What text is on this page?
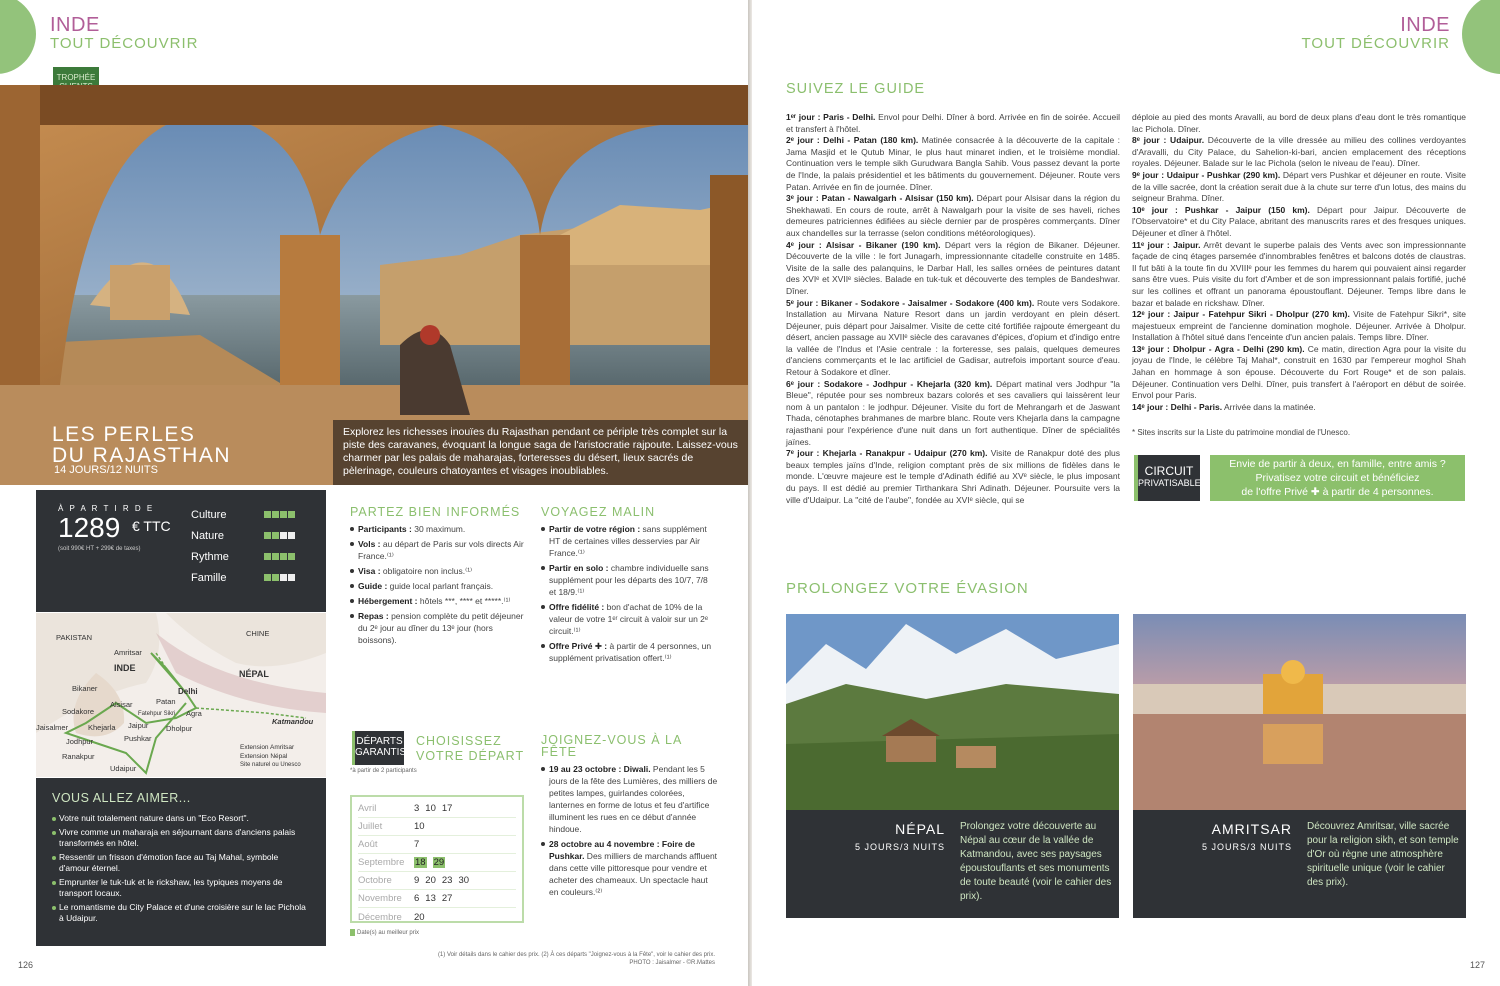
INDE
TOUT DÉCOUVRIR
TROPHÉE
LES PERLES
DU RAJASTHAN
14 JOURS/12 NUITS
Explorez les richesses inouïes du Rajasthan pendant ce périple très complet sur la piste des caravanes, évoquant la longue saga de l'aristocratie rajpoute. Laissez-vous charmer par les palais de maharajas, forteresses du désert, lieux sacrés de pèlerinage, couleurs chatoyantes et visages inoubliables.
À P A R T I R D E
1289 € TTC
(soit 990€ HT + 299€ de taxes)
Culture
Nature
Rythme
Famille
PAKISTAN	CHINE
INDE
NÉPAL
Amritsar
Delhi
Bikaner
Alsisar	Patan
Sodakore
Jaisalmer
Fatehpur Sikri Agra
Khejarla Jaipur Dholpur
Jodhpur	Pushkar
Ranakpur
Udaipur
Katmandou
Extension Amritsar
Extension Népal
Site naturel ou Unesco
VOUS ALLEZ AIMER...
Votre nuit totalement nature dans un "Eco Resort".
Vivre comme un maharaja en séjournant dans d'anciens palais transformés en hôtel.
Ressentir un frisson d'émotion face au Taj Mahal, symbole d'amour éternel.
Emprunter le tuk-tuk et le rickshaw, les typiques moyens de transport locaux.
Le romantisme du City Palace et d'une croisière sur le lac Pichola à Udaipur.
PARTEZ BIEN INFORMÉS
Participants : 30 maximum.
Vols : au départ de Paris sur vols directs Air France.⁽¹⁾
Visa : obligatoire non inclus.⁽¹⁾
Guide : guide local parlant français.
Hébergement : hôtels ***, **** et *****.⁽¹⁾
Repas : pension complète du petit déjeuner du 2ᵉ jour au dîner du 13ᵉ jour (hors boissons).
VOYAGEZ MALIN
Partir de votre région : sans supplément HT de certaines villes desservies par Air France.⁽¹⁾
Partir en solo : chambre individuelle sans supplément pour les départs des 10/7, 7/8 et 18/9.⁽¹⁾
Offre fidélité : bon d'achat de 10% de la valeur de votre 1ᵉʳ circuit à valoir sur un 2ᵉ circuit.⁽¹⁾
Offre Privé ✚ : à partir de 4 personnes, un supplément privatisation offert.⁽¹⁾
DÉPARTS
GARANTIS
CHOISISSEZ
VOTRE DÉPART
*à partir de 2 participants
Avril	3 10 17
Juillet	10
Août	7
Septembre	18 29
Octobre	9 20 23 30
Novembre	6 13 27
Décembre	20
Date(s) au meilleur prix
JOIGNEZ-VOUS À LA FÊTE
19 au 23 octobre : Diwali. Pendant les 5 jours de la fête des Lumières, des milliers de petites lampes, guirlandes colorées, lanternes en forme de lotus et feu d'artifice illuminent les rues en ce début d'année hindoue.
28 octobre au 4 novembre : Foire de Pushkar. Des milliers de marchands affluent dans cette ville pittoresque pour vendre et acheter des chameaux. Un spectacle haut en couleurs.⁽²⁾
(1) Voir détails dans le cahier des prix. (2) À ces départs "Joignez-vous à la Fête", voir le cahier des prix.
PHOTO : Jaisalmer - ©R.Mattes
126
INDE
TOUT DÉCOUVRIR
SUIVEZ LE GUIDE

1ᵉʳ jour : Paris - Delhi. Envol pour Delhi. Dîner à bord. Arrivée en fin de soirée. Accueil et transfert à l'hôtel.

2ᵉ jour : Delhi - Patan (180 km). Matinée consacrée à la découverte de la capitale : Jama Masjid et le Qutub Minar, le plus haut minaret indien, et le troisième mondial. Continuation vers le temple sikh Gurudwara Bangla Sahib. Vous passez devant la porte de l'Inde, la palais présidentiel et les bâtiments du gouvernement. Déjeuner. Route vers Patan. Arrivée en fin de journée. Dîner.

3ᵉ jour : Patan - Nawalgarh - Alsisar (150 km). Départ pour Alsisar dans la région du Shekhawati. En cours de route, arrêt à Nawalgarh pour la visite de ses haveli, riches demeures patriciennes édifiées au siècle dernier par de prospères commerçants. Dîner aux chandelles sur la terrasse (selon conditions météorologiques).

4ᵉ jour : Alsisar - Bikaner (190 km). Départ vers la région de Bikaner. Déjeuner. Découverte de la ville : le fort Junagarh, impressionnante citadelle construite en 1485. Visite de la salle des palanquins, le Darbar Hall, les salles ornées de peintures datant des XVIᵉ et XVIIᵉ siècles. Balade en tuk-tuk et découverte des temples de Bandeshwar. Dîner.

5ᵉ jour : Bikaner - Sodakore - Jaisalmer - Sodakore (400 km). Route vers Sodakore. Installation au Mirvana Nature Resort dans un jardin verdoyant en plein désert. Déjeuner, puis départ pour Jaisalmer. Visite de cette cité fortifiée rajpoute émergeant du désert, ancien passage au XVIIᵉ siècle des caravanes d'épices, d'opium et d'indigo entre la vallée de l'Indus et l'Asie centrale : la forteresse, ses palais, quelques demeures d'anciens commerçants et le lac artificiel de Gadisar, autrefois important source d'eau. Retour à Sodakore et dîner.

6ᵉ jour : Sodakore - Jodhpur - Khejarla (320 km). Départ matinal vers Jodhpur "la Bleue", réputée pour ses nombreux bazars colorés et ses cavaliers qui laissèrent leur nom à un pantalon : le jodhpur. Déjeuner. Visite du fort de Mehrangarh et de Jaswant Thada, cénotaphes brahmanes de marbre blanc. Route vers Khejarla dans la campagne rajasthani pour l'expérience d'une nuit dans un fort authentique. Dîner de spécialités jaïnes.

7ᵉ jour : Khejarla - Ranakpur - Udaipur (270 km). Visite de Ranakpur doté des plus beaux temples jaïns d'Inde, religion comptant près de six millions de fidèles dans le monde. L'œuvre majeure est le temple d'Adinath édifié au XVᵉ siècle, le plus imposant du pays. Il est dédié au premier Tirthankara Shri Adinath. Déjeuner. Poursuite vers la ville d'Udaipur. La "cité de l'aube", fondée au XVIᵉ siècle, qui se

déploie au pied des monts Aravalli, au bord de deux plans d'eau dont le très romantique lac Pichola. Dîner.

8ᵉ jour : Udaipur. Découverte de la ville dressée au milieu des collines verdoyantes d'Aravalli, du City Palace, du Sahelion-ki-bari, ancien emplacement des réceptions royales. Déjeuner. Balade sur le lac Pichola (selon le niveau de l'eau). Dîner.

9ᵉ jour : Udaipur - Pushkar (290 km). Départ vers Pushkar et déjeuner en route. Visite de la ville sacrée, dont la création serait due à la chute sur terre d'un lotus, des mains du seigneur Brahma. Dîner.

10ᵉ jour : Pushkar - Jaipur (150 km). Départ pour Jaipur. Découverte de l'Observatoire* et du City Palace, abritant des manuscrits rares et des fresques uniques. Déjeuner et dîner à l'hôtel.

11ᵉ jour : Jaipur. Arrêt devant le superbe palais des Vents avec son impressionnante façade de cinq étages parsemée d'innombrables fenêtres et balcons dotés de claustras. Il fut bâti à la toute fin du XVIIIᵉ pour les femmes du harem qui pouvaient ainsi regarder sans être vues. Puis visite du fort d'Amber et de son impressionnant palais fortifié, juché sur les collines et offrant un panorama époustouflant. Déjeuner. Temps libre dans le bazar et balade en rickshaw. Dîner.

12ᵉ jour : Jaipur - Fatehpur Sikri - Dholpur (270 km). Visite de Fatehpur Sikri*, site majestueux empreint de l'ancienne domination moghole. Déjeuner. Arrivée à Dholpur. Installation à l'hôtel situé dans l'enceinte d'un ancien palais. Temps libre. Dîner.

13ᵉ jour : Dholpur - Agra - Delhi (290 km). Ce matin, direction Agra pour la visite du joyau de l'Inde, le célèbre Taj Mahal*, construit en 1630 par l'empereur moghol Shah Jahan en hommage à son épouse. Découverte du Fort Rouge* et de son palais. Déjeuner. Continuation vers Delhi. Dîner, puis transfert à l'aéroport en début de soirée. Envol pour Paris.

14ᵉ jour : Delhi - Paris. Arrivée dans la matinée.

* Sites inscrits sur la Liste du patrimoine mondial de l'Unesco.
CIRCUIT
PRIVATISABLE
Envie de partir à deux, en famille, entre amis ?
Privatisez votre circuit et bénéficiez
de l'offre Privé ✚ à partir de 4 personnes.
PROLONGEZ VOTRE ÉVASION
NÉPAL
5 JOURS/3 NUITS
Prolongez votre découverte au Népal au cœur de la vallée de Katmandou, avec ses paysages époustouflants et ses monuments de toute beauté (voir le cahier des prix).
AMRITSAR
5 JOURS/3 NUITS
Découvrez Amritsar, ville sacrée pour la religion sikh, et son temple d'Or où règne une atmosphère spirituelle unique (voir le cahier des prix).
127
